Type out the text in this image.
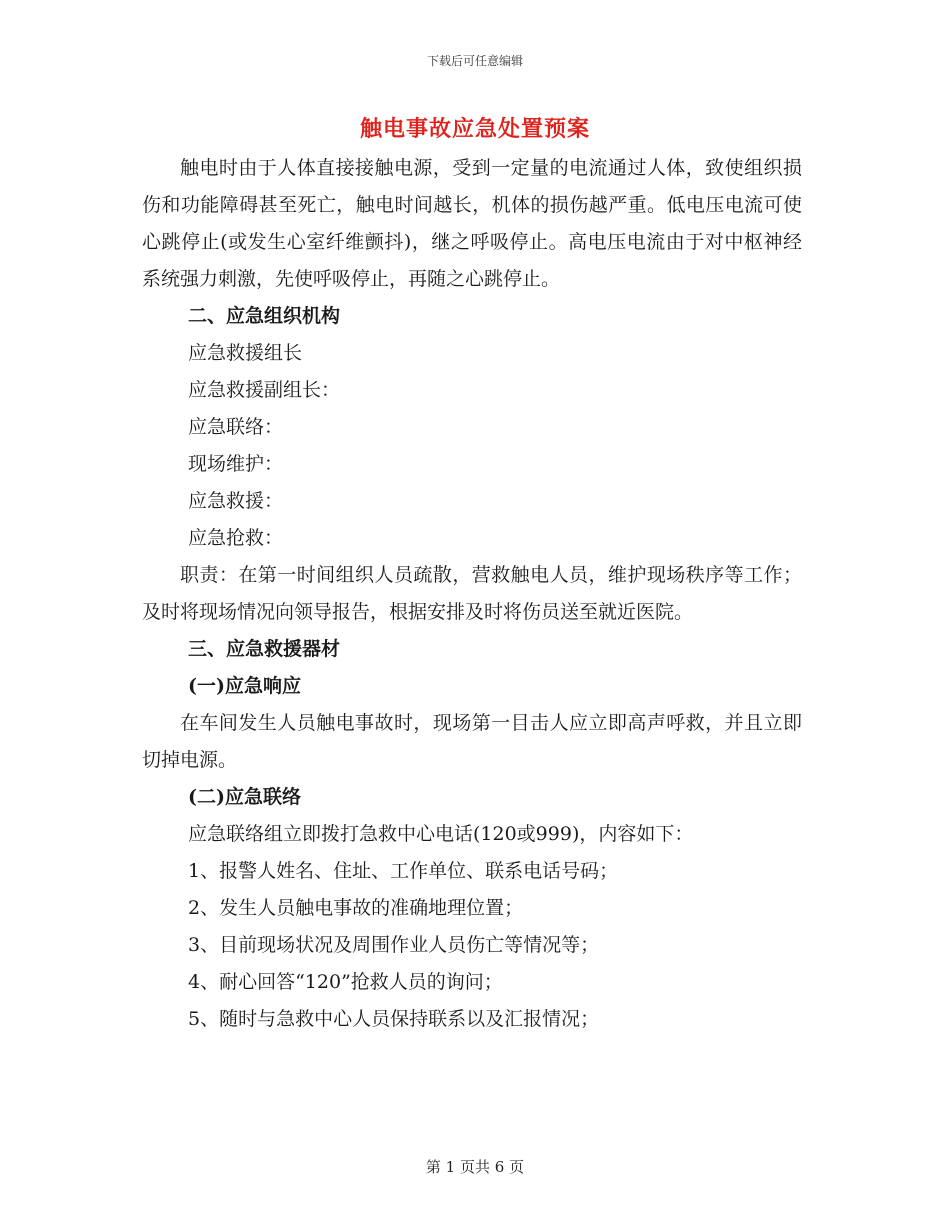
下载后可任意编辑
触电事故应急处置预案

触电时由于人体直接接触电源，受到一定量的电流通过人体，致使组织损伤和功能障碍甚至死亡，触电时间越长，机体的损伤越严重。低电压电流可使心跳停止(或发生心室纤维颤抖)，继之呼吸停止。高电压电流由于对中枢神经系统强力刺激，先使呼吸停止，再随之心跳停止。

二、应急组织机构

应急救援组长

应急救援副组长：

应急联络：

现场维护：

应急救援：

应急抢救：

职责：在第一时间组织人员疏散，营救触电人员，维护现场秩序等工作；及时将现场情况向领导报告，根据安排及时将伤员送至就近医院。

三、应急救援器材

(一)应急响应

在车间发生人员触电事故时，现场第一目击人应立即高声呼救，并且立即切掉电源。

(二)应急联络

应急联络组立即拨打急救中心电话(120或999)，内容如下：

1、报警人姓名、住址、工作单位、联系电话号码；

2、发生人员触电事故的准确地理位置；

3、目前现场状况及周围作业人员伤亡等情况等；

4、耐心回答“120”抢救人员的询问；

5、随时与急救中心人员保持联系以及汇报情况；

第 1 页共 6 页
